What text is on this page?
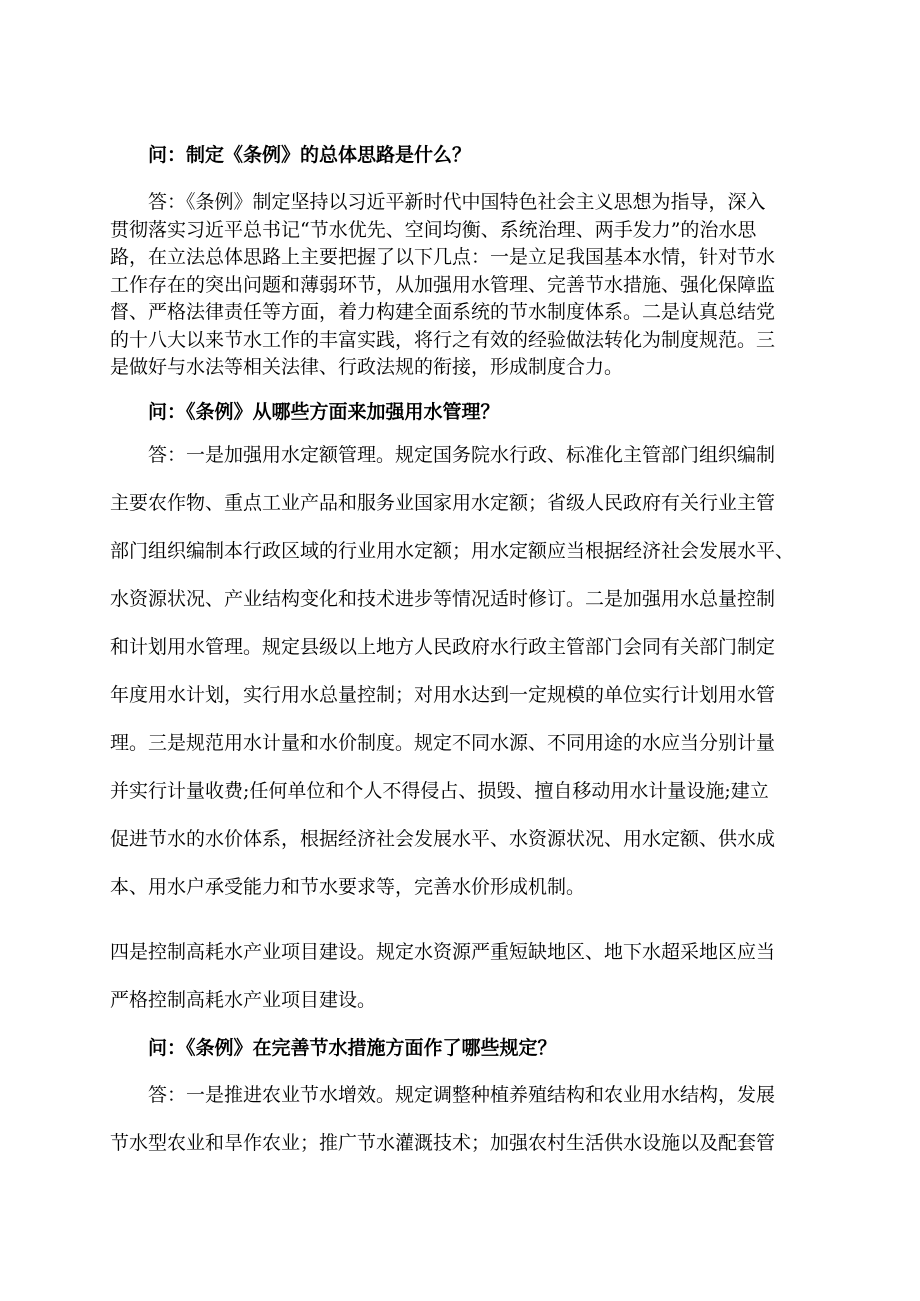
问：制定《条例》的总体思路是什么？
答：《条例》制定坚持以习近平新时代中国特色社会主义思想为指导，深入
贯彻落实习近平总书记“节水优先、空间均衡、系统治理、两手发力”的治水思
路，在立法总体思路上主要把握了以下几点：一是立足我国基本水情，针对节水
工作存在的突出问题和薄弱环节，从加强用水管理、完善节水措施、强化保障监
督、严格法律责任等方面，着力构建全面系统的节水制度体系。二是认真总结党
的十八大以来节水工作的丰富实践，将行之有效的经验做法转化为制度规范。三
是做好与水法等相关法律、行政法规的衔接，形成制度合力。
问：《条例》从哪些方面来加强用水管理？
答：一是加强用水定额管理。规定国务院水行政、标准化主管部门组织编制
主要农作物、重点工业产品和服务业国家用水定额；省级人民政府有关行业主管
部门组织编制本行政区域的行业用水定额；用水定额应当根据经济社会发展水平、
水资源状况、产业结构变化和技术进步等情况适时修订。二是加强用水总量控制
和计划用水管理。规定县级以上地方人民政府水行政主管部门会同有关部门制定
年度用水计划，实行用水总量控制；对用水达到一定规模的单位实行计划用水管
理。三是规范用水计量和水价制度。规定不同水源、不同用途的水应当分别计量
并实行计量收费;任何单位和个人不得侵占、损毁、擅自移动用水计量设施;建立
促进节水的水价体系，根据经济社会发展水平、水资源状况、用水定额、供水成
本、用水户承受能力和节水要求等，完善水价形成机制。
四是控制高耗水产业项目建设。规定水资源严重短缺地区、地下水超采地区应当
严格控制高耗水产业项目建设。
问：《条例》在完善节水措施方面作了哪些规定？
答：一是推进农业节水增效。规定调整种植养殖结构和农业用水结构，发展
节水型农业和旱作农业；推广节水灌溉技术；加强农村生活供水设施以及配套管
